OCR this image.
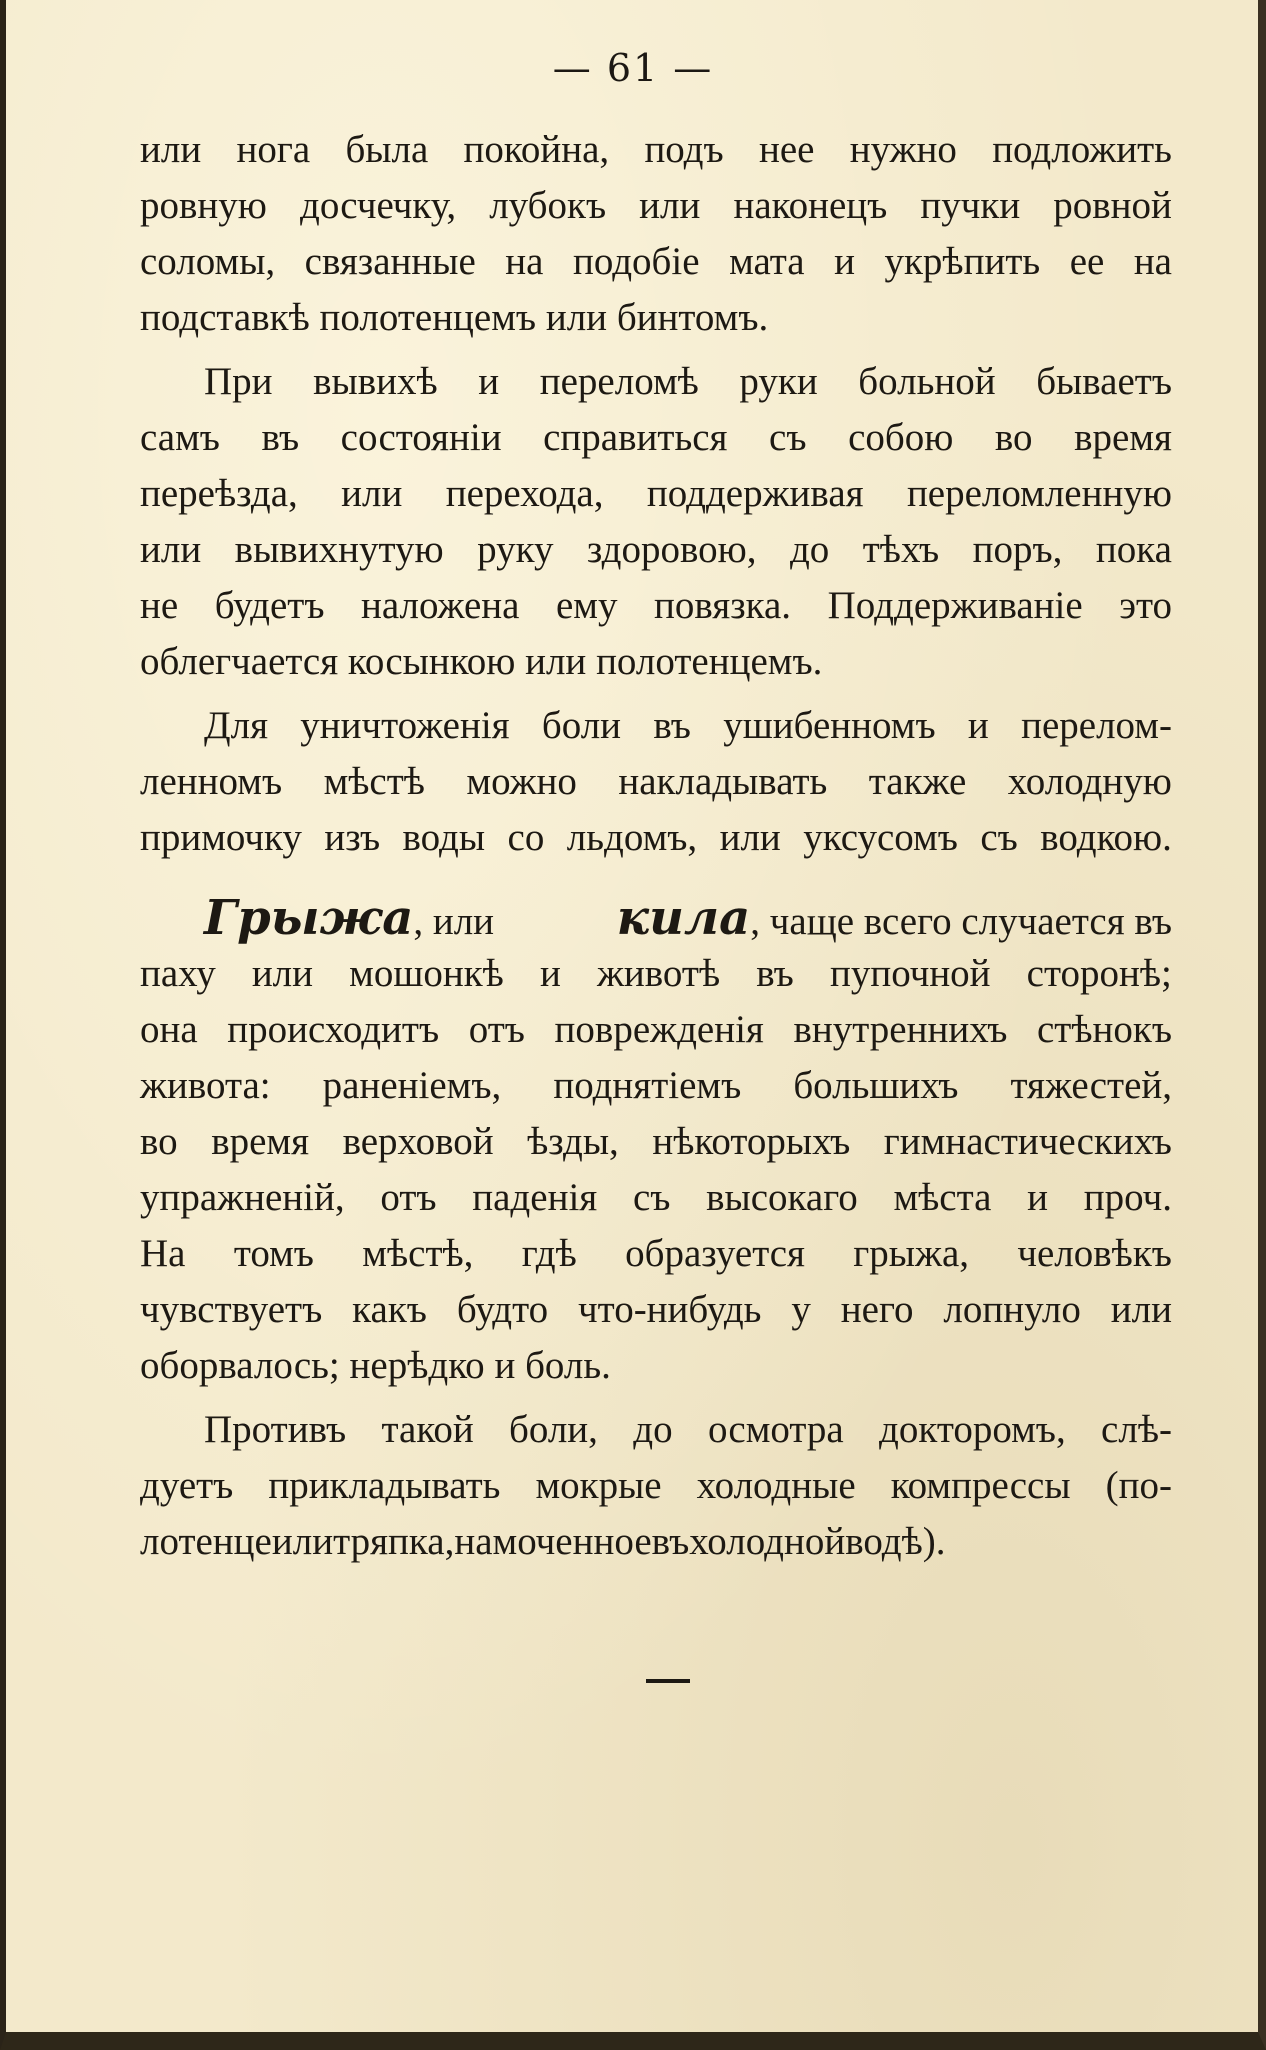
— 61 —
или нога была покойна, подъ нее нужно подложить
ровную досчечку, лубокъ или наконецъ пучки ровной
соломы, связанные на подобіе мата и укрѣпить ее на
подставкѣ полотенцемъ или бинтомъ.
При вывихѣ и переломѣ руки больной бываетъ
самъ въ состояніи справиться съ собою во время
переѣзда, или перехода, поддерживая переломленную
или вывихнутую руку здоровою, до тѣхъ поръ, пока
не будетъ наложена ему повязка. Поддерживаніе это
облегчается косынкою или полотенцемъ.
Для уничтоженія боли въ ушибенномъ и перелом-
ленномъ мѣстѣ можно накладывать также холодную
примочку изъ воды со льдомъ, или уксусомъ съ водкою.
Грыжа, или	кила, чаще всего случается въ
паху или мошонкѣ и животѣ въ пупочной сторонѣ;
она происходитъ отъ поврежденія внутреннихъ стѣнокъ
живота: раненіемъ, поднятіемъ большихъ тяжестей,
во время верховой ѣзды, нѣкоторыхъ гимнастическихъ
упражненій, отъ паденія съ высокаго мѣста и проч.
На томъ мѣстѣ, гдѣ образуется грыжа, человѣкъ
чувствуетъ какъ будто что-нибудь у него лопнуло или
оборвалось; нерѣдко и боль.
Противъ такой боли, до осмотра докторомъ, слѣ-
дуетъ прикладывать мокрые холодные компрессы (по-
лотенце или тряпка, намоченное въ холодной водѣ).
